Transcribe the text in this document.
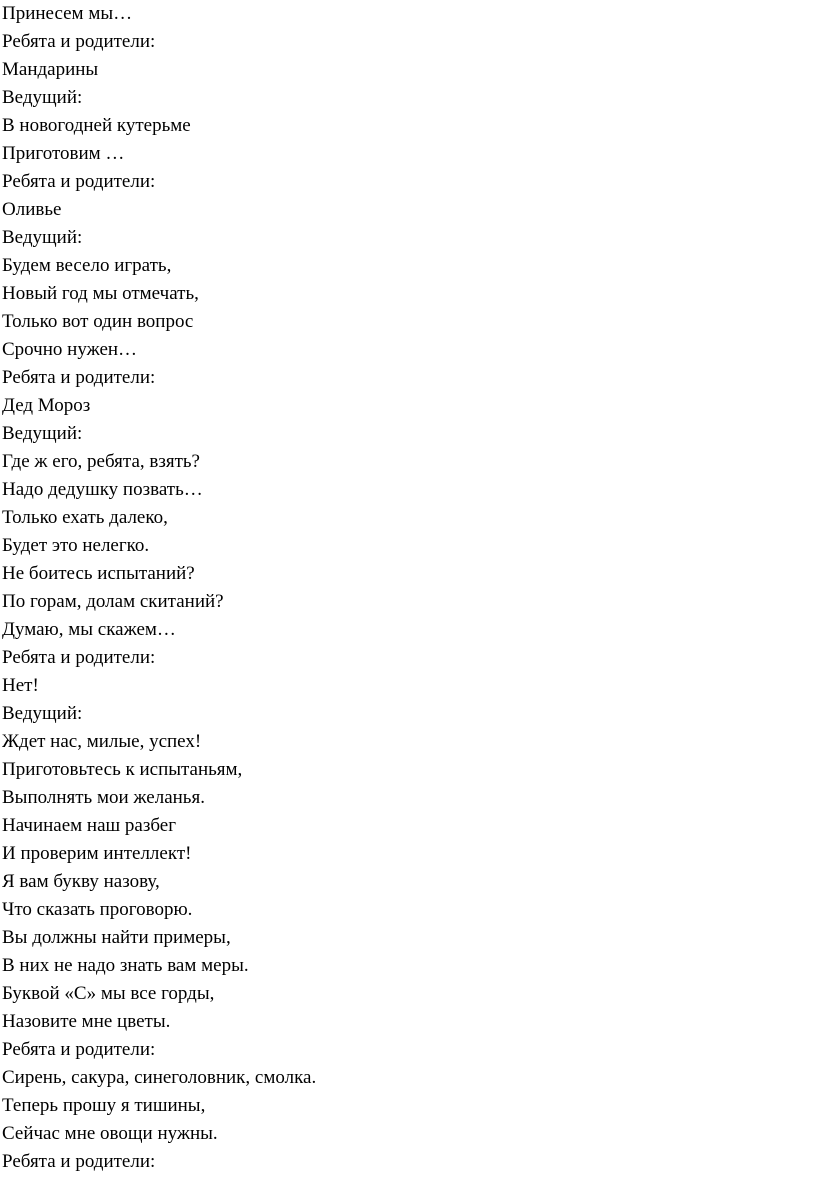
Принесем мы…
Ребята и родители:
Мандарины
Ведущий:
В новогодней кутерьме
Приготовим …
Ребята и родители:
Оливье
Ведущий:
Будем весело играть,
Новый год мы отмечать,
Только вот один вопрос
Срочно нужен…
Ребята и родители:
Дед Мороз
Ведущий:
Где ж его, ребята, взять?
Надо дедушку позвать…
Только ехать далеко,
Будет это нелегко.
Не боитесь испытаний?
По горам, долам скитаний?
Думаю, мы скажем…
Ребята и родители:
Нет!
Ведущий:
Ждет нас, милые, успех!
Приготовьтесь к испытаньям,
Выполнять мои желанья.
Начинаем наш разбег
И проверим интеллект!
Я вам букву назову,
Что сказать проговорю.
Вы должны найти примеры,
В них не надо знать вам меры.
Буквой «С» мы все горды,
Назовите мне цветы.
Ребята и родители:
Сирень, сакура, синеголовник, смолка.
Теперь прошу я тишины,
Сейчас мне овощи нужны.
Ребята и родители:
